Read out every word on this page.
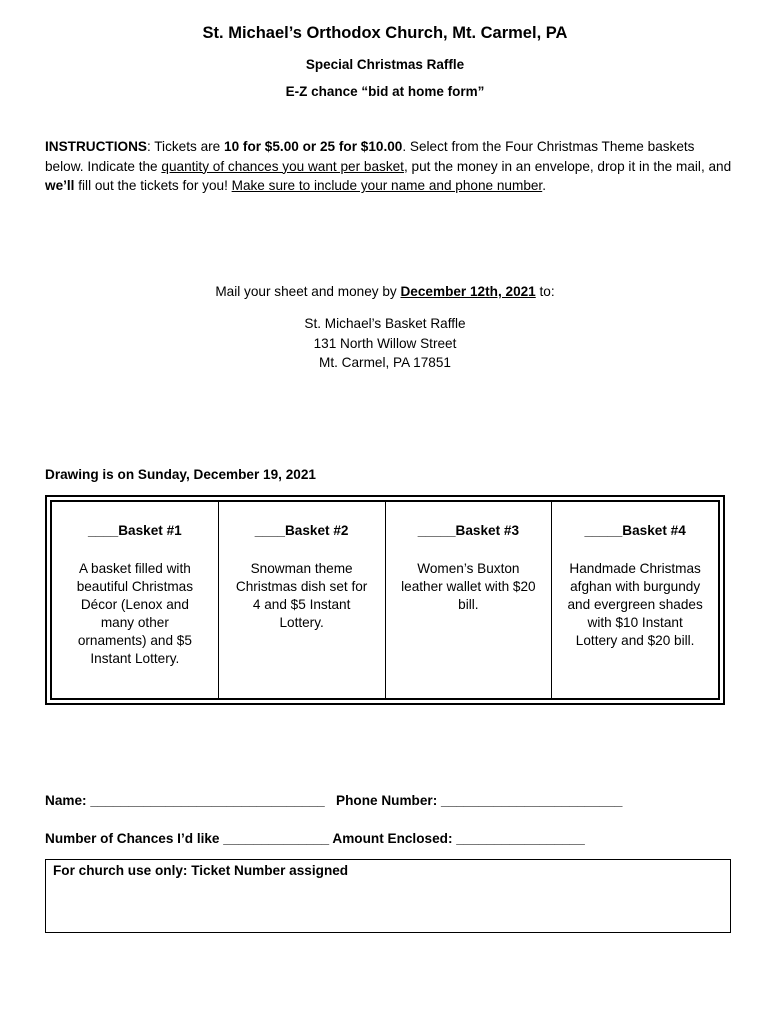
St. Michael’s Orthodox Church, Mt. Carmel, PA
Special Christmas Raffle
E-Z chance “bid at home form”
INSTRUCTIONS: Tickets are 10 for $5.00 or 25 for $10.00. Select from the Four Christmas Theme baskets below. Indicate the quantity of chances you want per basket, put the money in an envelope, drop it in the mail, and we’ll fill out the tickets for you! Make sure to include your name and phone number.
Mail your sheet and money by December 12th, 2021 to:
St. Michael’s Basket Raffle
131 North Willow Street
Mt. Carmel, PA 17851
Drawing is on Sunday, December 19, 2021
____Basket #1
A basket filled with
beautiful Christmas
Décor (Lenox and
many other
ornaments) and $5
Instant Lottery.
____Basket #2
Snowman theme
Christmas dish set for
4 and $5 Instant
Lottery.
_____Basket #3
Women’s Buxton
leather wallet with $20
bill.
_____Basket #4
Handmade Christmas
afghan with burgundy
and evergreen shades
with $10 Instant
Lottery and $20 bill.
Name: _______________________________   Phone Number: ________________________
Number of Chances I’d like ______________ Amount Enclosed: _________________
For church use only: Ticket Number assigned
